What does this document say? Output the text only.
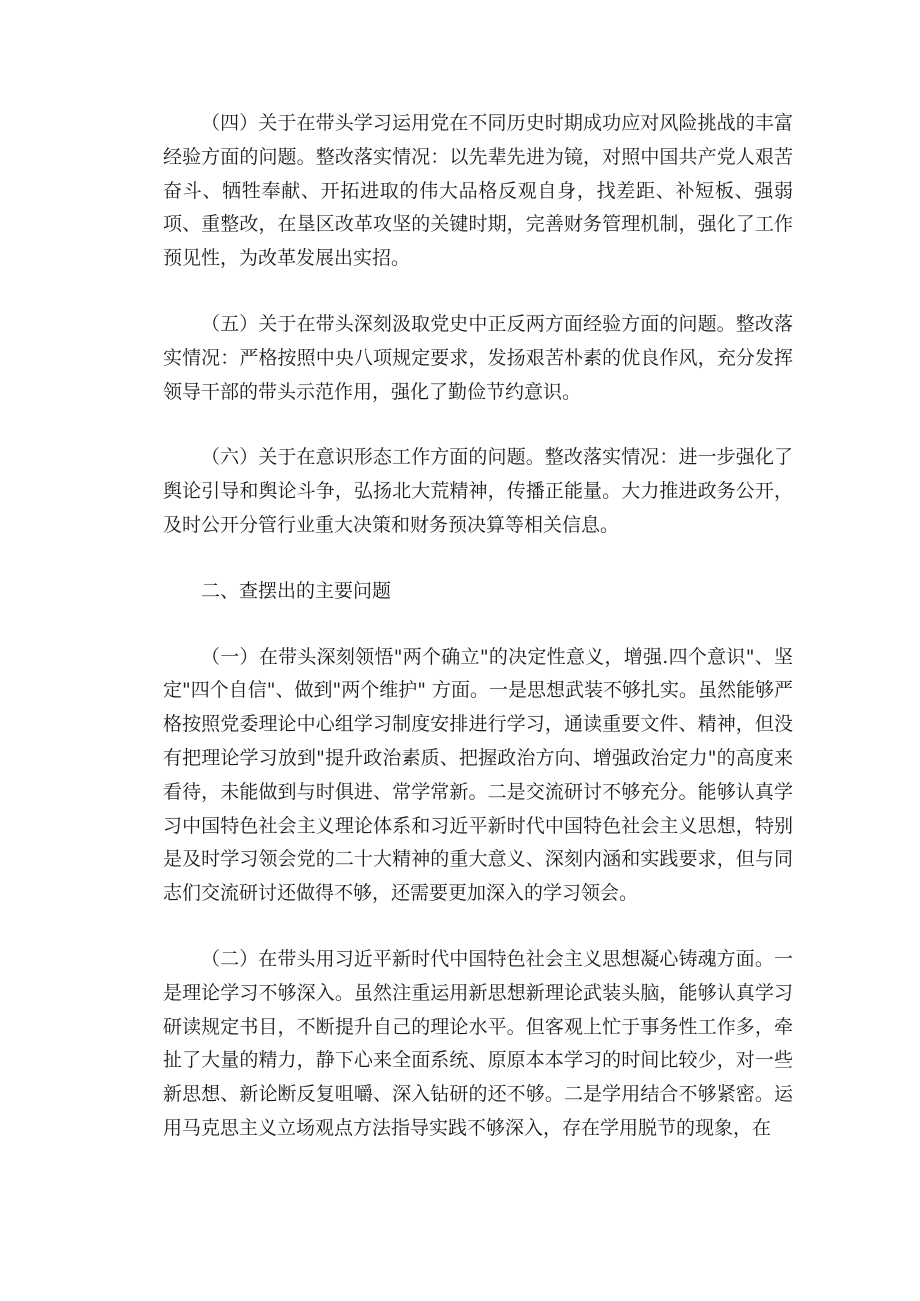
（四）关于在带头学习运用党在不同历史时期成功应对风险挑战的丰富经验方面的问题。整改落实情况：以先辈先进为镜，对照中国共产党人艰苦奋斗、牺牲奉献、开拓进取的伟大品格反观自身，找差距、补短板、强弱项、重整改，在垦区改革攻坚的关键时期，完善财务管理机制，强化了工作预见性，为改革发展出实招。

（五）关于在带头深刻汲取党史中正反两方面经验方面的问题。整改落实情况：严格按照中央八项规定要求，发扬艰苦朴素的优良作风，充分发挥领导干部的带头示范作用，强化了勤俭节约意识。

（六）关于在意识形态工作方面的问题。整改落实情况：进一步强化了舆论引导和舆论斗争，弘扬北大荒精神，传播正能量。大力推进政务公开，及时公开分管行业重大决策和财务预决算等相关信息。

二、查摆出的主要问题

（一）在带头深刻领悟"两个确立"的决定性意义，增强.四个意识"、坚定"四个自信"、做到"两个维护" 方面。一是思想武装不够扎实。虽然能够严格按照党委理论中心组学习制度安排进行学习，通读重要文件、精神，但没有把理论学习放到"提升政治素质、把握政治方向、增强政治定力"的高度来看待，未能做到与时俱进、常学常新。二是交流研讨不够充分。能够认真学习中国特色社会主义理论体系和习近平新时代中国特色社会主义思想，特别是及时学习领会党的二十大精神的重大意义、深刻内涵和实践要求，但与同志们交流研讨还做得不够，还需要更加深入的学习领会。

（二）在带头用习近平新时代中国特色社会主义思想凝心铸魂方面。一是理论学习不够深入。虽然注重运用新思想新理论武装头脑，能够认真学习研读规定书目，不断提升自己的理论水平。但客观上忙于事务性工作多，牵扯了大量的精力，静下心来全面系统、原原本本学习的时间比较少，对一些新思想、新论断反复咀嚼、深入钻研的还不够。二是学用结合不够紧密。运用马克思主义立场观点方法指导实践不够深入，存在学用脱节的现象，在
